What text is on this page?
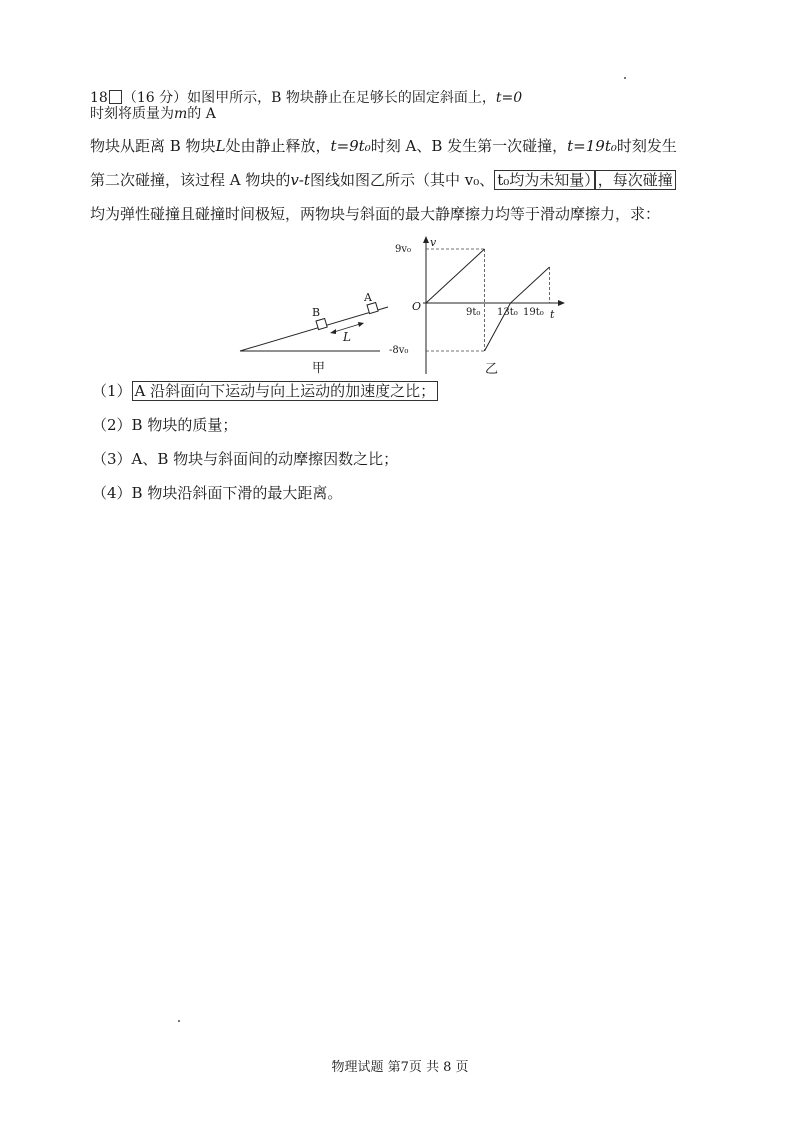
18 （16 分）如图甲所示，B 物块静止在足够长的固定斜面上，t=0
时刻将质量为m的 A
物块从距离 B 物块L处由静止释放，t=9t₀时刻 A、B 发生第一次碰撞，t=19t₀时刻发生
第二次碰撞，该过程 A 物块的v-t图线如图乙所示（其中 v₀、 t₀均为未知量） ，每次碰撞
均为弹性碰撞且碰撞时间极短，两物块与斜面的最大静摩擦力均等于滑动摩擦力，求：
B
A
L
甲
v
t
O
9v₀
-8v₀
9t₀ 13t₀ 19t₀
乙
（1） A 沿斜面向下运动与向上运动的加速度之比；
（2）B 物块的质量；
（3）A、B 物块与斜面间的动摩擦因数之比；
（4）B 物块沿斜面下滑的最大距离。
物理试题 第7页 共 8 页
